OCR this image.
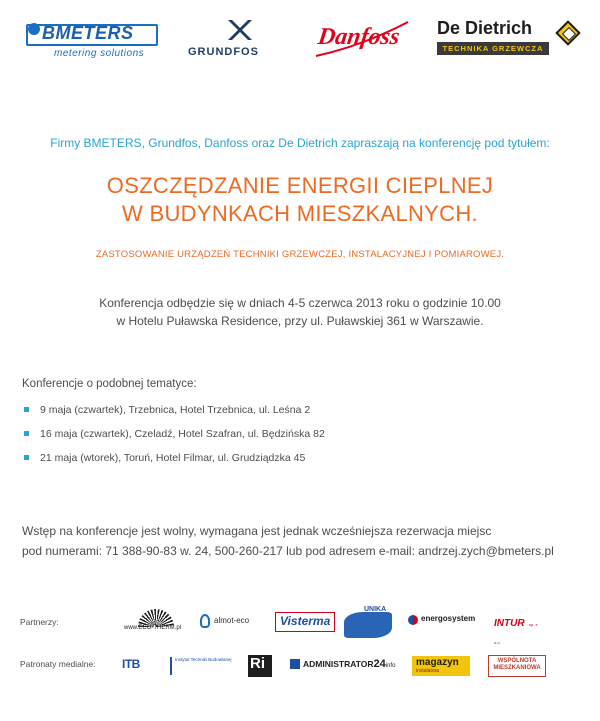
BMETERS
metering solutions	GRUNDFOS
Danfoss De Dietrich
TECHNIKA GRZEWCZA
Firmy BMETERS, Grundfos, Danfoss oraz De Dietrich zapraszają na konferencję pod tytułem:
OSZCZĘDZANIE ENERGII CIEPLNEJ
W BUDYNKACH MIESZKALNYCH.
ZASTOSOWANIE URZĄDZEŃ TECHNIKI GRZEWCZEJ, INSTALACYJNEJ I POMIAROWEJ.
Konferencja odbędzie się w dniach 4-5 czerwca 2013 roku o godzinie 10.00
w Hotelu Puławska Residence, przy ul. Puławskiej 361 w Warszawie.
Konferencje o podobnej tematyce:
9 maja (czwartek), Trzebnica, Hotel Trzebnica, ul. Leśna 2
16 maja (czwartek), Czeladź, Hotel Szafran, ul. Będzińska 82
21 maja (wtorek), Toruń, Hotel Filmar, ul. Grudziądzka 45
Wstęp na konferencje jest wolny, wymagana jest jednak wcześniejsza rezerwacja miejsc
pod numerami: 71 388-90-83 w. 24, 500-260-217 lub pod adresem e-mail: andrzej.zych@bmeters.pl
Partnerzy:
www.ECO-THERM.pl
almot-eco	Visterma
UNIKA
energosystem INTUR sp. z o.o.
Patronaty medialne: ITB	Instytut Techniki Budowlanej	Ri	ADMINISTRATOR24info magazyn
instalatora
WSPÓLNOTA MIESZKANIOWA
